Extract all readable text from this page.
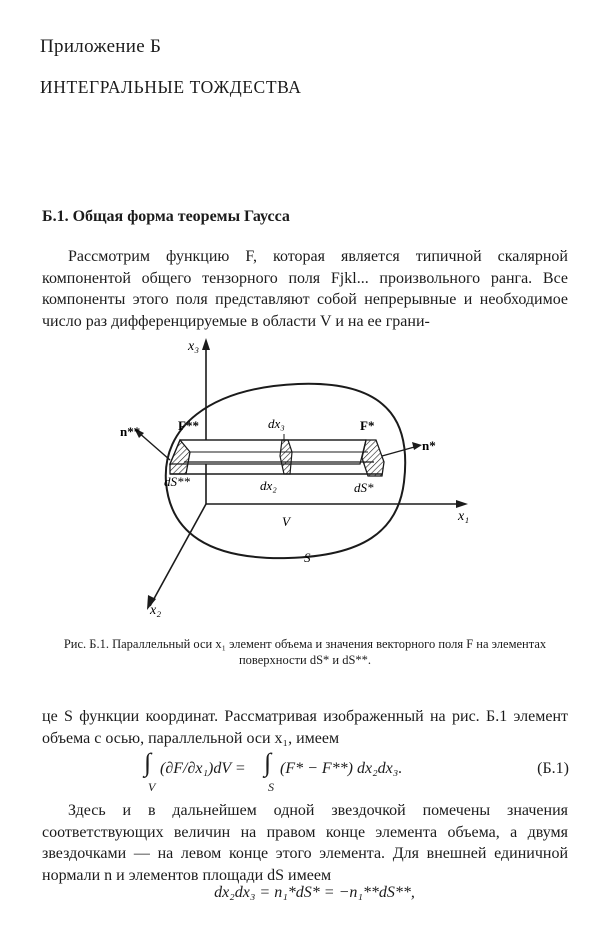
Приложение Б
ИНТЕГРАЛЬНЫЕ ТОЖДЕСТВА
Б.1. Общая форма теоремы Гаусса
Рассмотрим функцию F, которая является типичной скалярной компонентой общего тензорного поля Fjkl... произвольного ранга. Все компоненты этого поля представляют собой непрерывные и необходимое число раз дифференцируемые в области V и на ее грани-
x₃
x₁
x₂
n**
n*
F**	F*
dx₃
dx₂
dS**	dS*
V
S
Рис. Б.1. Параллельный оси x₁ элемент объема и значения векторного поля F на элементах поверхности dS* и dS**.
це S функции координат. Рассматривая изображенный на рис. Б.1 элемент объема с осью, параллельной оси x₁, имеем
∫
V
(∂F/∂x₁)dV = ∫
S
(F* − F**) dx₂dx₃.	(Б.1)
Здесь и в дальнейшем одной звездочкой помечены значения соответствующих величин на правом конце элемента объема, а двумя звездочками — на левом конце этого элемента. Для внешней единичной нормали n и элементов площади dS имеем
dx₂dx₃ = n₁*dS* = −n₁**dS**,
